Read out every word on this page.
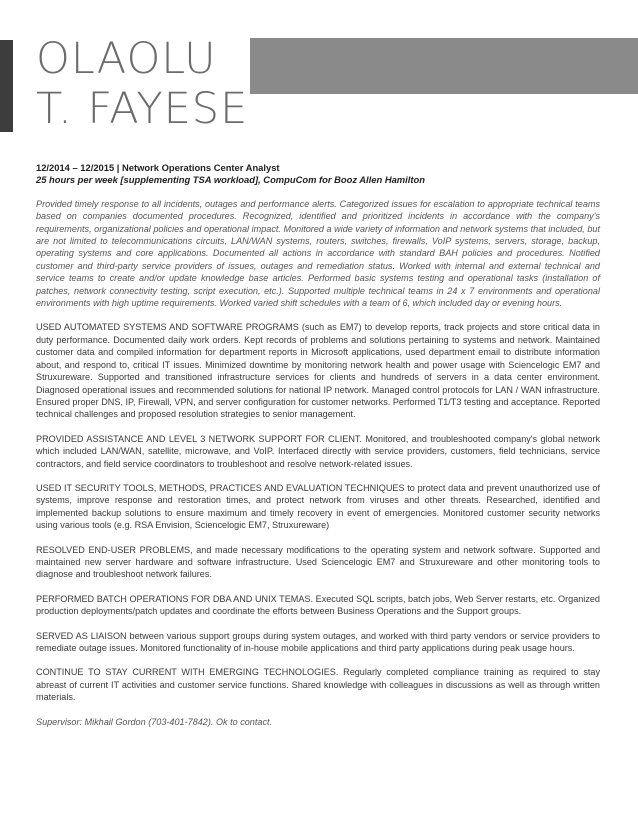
OLAOLU
T. FAYESE
12/2014 – 12/2015 | Network Operations Center Analyst
25 hours per week [supplementing TSA workload], CompuCom for Booz Allen Hamilton

Provided timely response to all incidents, outages and performance alerts. Categorized issues for escalation to appropriate technical teams based on companies documented procedures. Recognized, identified and prioritized incidents in accordance with the company's requirements, organizational policies and operational impact. Monitored a wide variety of information and network systems that included, but are not limited to telecommunications circuits, LAN/WAN systems, routers, switches, firewalls, VoIP systems, servers, storage, backup, operating systems and core applications. Documented all actions in accordance with standard BAH policies and procedures. Notified customer and third-party service providers of issues, outages and remediation status. Worked with internal and external technical and service teams to create and/or update knowledge base articles. Performed basic systems testing and operational tasks (installation of patches, network connectivity testing, script execution, etc.). Supported multiple technical teams in 24 x 7 environments and operational environments with high uptime requirements. Worked varied shift schedules with a team of 6, which included day or evening hours.

USED AUTOMATED SYSTEMS AND SOFTWARE PROGRAMS (such as EM7) to develop reports, track projects and store critical data in duty performance. Documented daily work orders. Kept records of problems and solutions pertaining to systems and network. Maintained customer data and compiled information for department reports in Microsoft applications, used department email to distribute information about, and respond to, critical IT issues. Minimized downtime by monitoring network health and power usage with Sciencelogic EM7 and Struxureware. Supported and transitioned infrastructure services for clients and hundreds of servers in a data center environment. Diagnosed operational issues and recommended solutions for national IP network. Managed control protocols for LAN / WAN infrastructure. Ensured proper DNS, IP, Firewall, VPN, and server configuration for customer networks. Performed T1/T3 testing and acceptance. Reported technical challenges and proposed resolution strategies to senior management.

PROVIDED ASSISTANCE AND LEVEL 3 NETWORK SUPPORT FOR CLIENT. Monitored, and troubleshooted company's global network which included LAN/WAN, satellite, microwave, and VoIP. Interfaced directly with service providers, customers, field technicians, service contractors, and field service coordinators to troubleshoot and resolve network-related issues.

USED IT SECURITY TOOLS, METHODS, PRACTICES AND EVALUATION TECHNIQUES to protect data and prevent unauthorized use of systems, improve response and restoration times, and protect network from viruses and other threats. Researched, identified and implemented backup solutions to ensure maximum and timely recovery in event of emergencies. Monitored customer security networks using various tools (e.g. RSA Envision, Sciencelogic EM7, Struxureware)

RESOLVED END-USER PROBLEMS, and made necessary modifications to the operating system and network software. Supported and maintained new server hardware and software infrastructure. Used Sciencelogic EM7 and Struxureware and other monitoring tools to diagnose and troubleshoot network failures.

PERFORMED BATCH OPERATIONS FOR DBA AND UNIX TEMAS. Executed SQL scripts, batch jobs, Web Server restarts, etc. Organized production deployments/patch updates and coordinate the efforts between Business Operations and the Support groups.

SERVED AS LIAISON between various support groups during system outages, and worked with third party vendors or service providers to remediate outage issues. Monitored functionality of in-house mobile applications and third party applications during peak usage hours.

CONTINUE TO STAY CURRENT WITH EMERGING TECHNOLOGIES. Regularly completed compliance training as required to stay abreast of current IT activities and customer service functions. Shared knowledge with colleagues in discussions as well as through written materials.

Supervisor: Mikhail Gordon (703-401-7842). Ok to contact.
